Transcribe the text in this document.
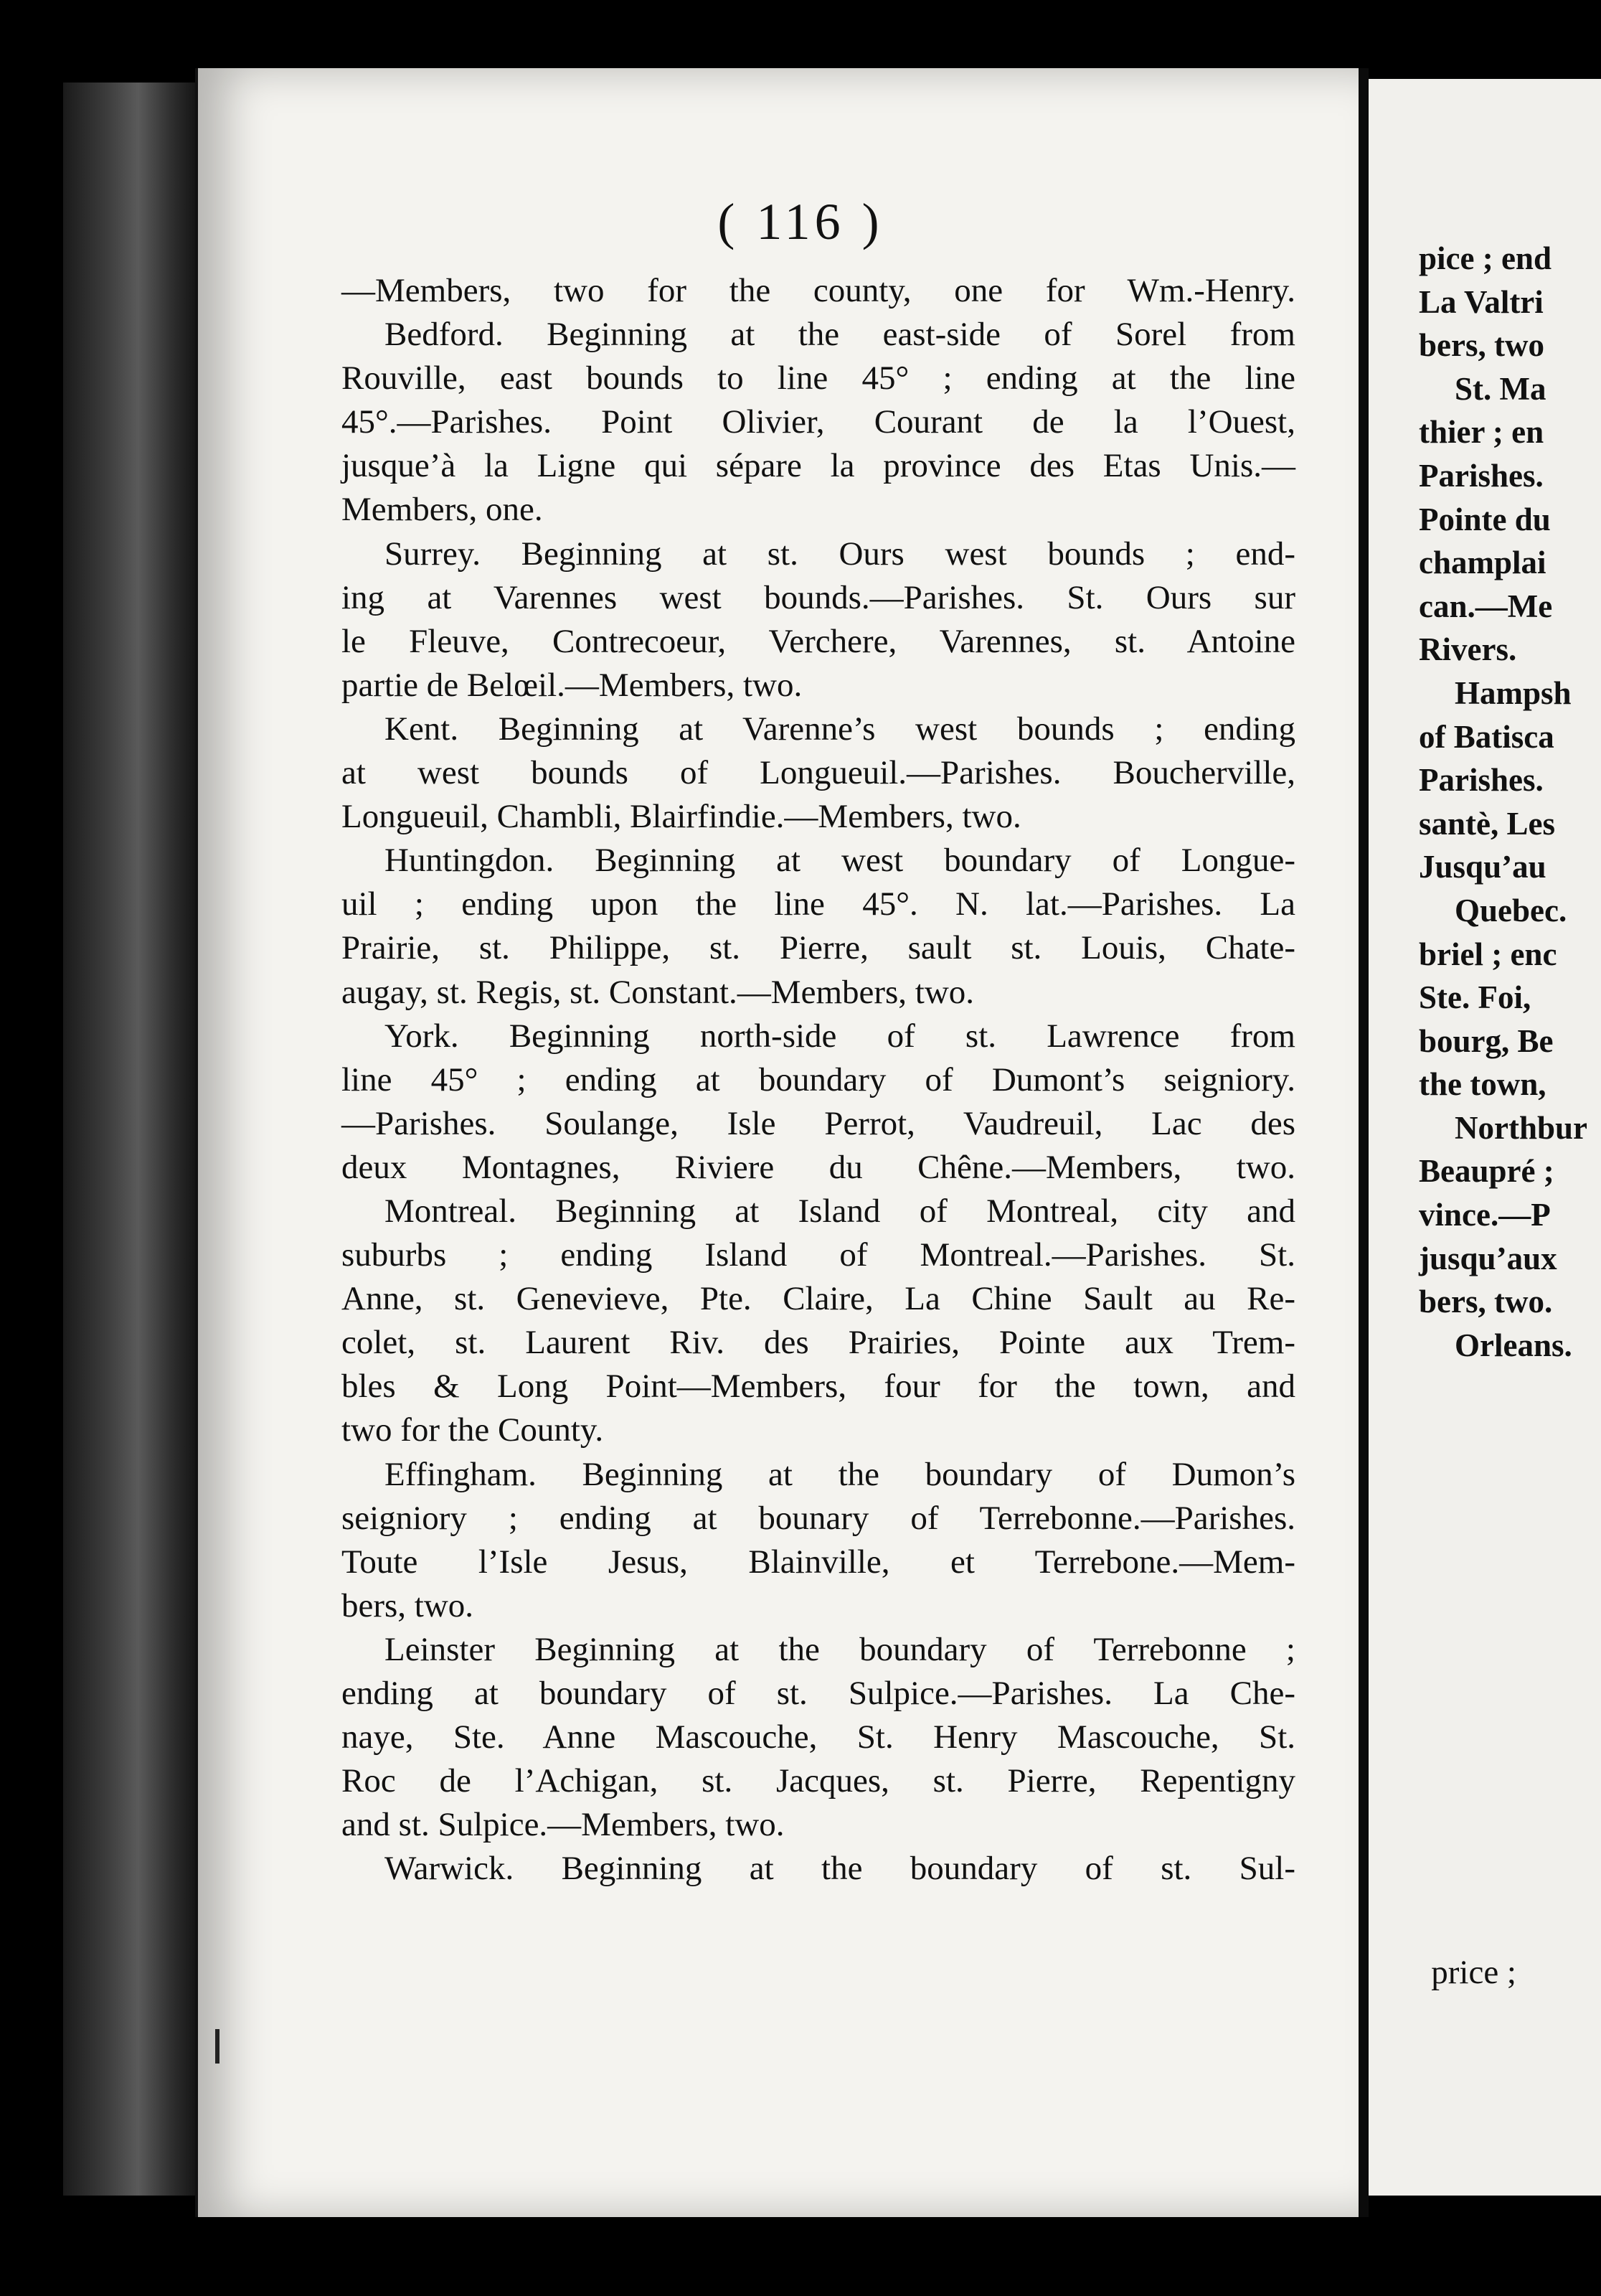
pice ; end
La Valtri
bers, two
St. Ma
thier ; en
Parishes.
Pointe du
champlai
can.—Me
Rivers.
Hampsh
of Batisca
Parishes.
santè, Les
Jusqu’au
Quebec.
briel ; enc
Ste. Foi,
bourg, Be
the town,
Northbur
Beaupré ;
vince.—P
jusqu’aux
bers, two.
Orleans.
( 116 )
—Members, two for the county, one for Wm.-Henry.
Bedford. Beginning at the east-side of Sorel from
Rouville, east bounds to line 45° ; ending at the line
45°.—Parishes. Point Olivier, Courant de la l’Ouest,
jusque’à la Ligne qui sépare la province des Etas Unis.—
Members, one.
Surrey. Beginning at st. Ours west bounds ; end-
ing at Varennes west bounds.—Parishes. St. Ours sur
le Fleuve, Contrecoeur, Verchere, Varennes, st. Antoine
partie de Belœil.—Members, two.
Kent. Beginning at Varenne’s west bounds ; ending
at west bounds of Longueuil.—Parishes. Boucherville,
Longueuil, Chambli, Blairfindie.—Members, two.
Huntingdon. Beginning at west boundary of Longue-
uil ; ending upon the line 45°. N. lat.—Parishes. La
Prairie, st. Philippe, st. Pierre, sault st. Louis, Chate-
augay, st. Regis, st. Constant.—Members, two.
York. Beginning north-side of st. Lawrence from
line 45° ; ending at boundary of Dumont’s seigniory.
—Parishes. Soulange, Isle Perrot, Vaudreuil, Lac des
deux Montagnes, Riviere du Chêne.—Members, two.
Montreal. Beginning at Island of Montreal, city and
suburbs ; ending Island of Montreal.—Parishes. St.
Anne, st. Genevieve, Pte. Claire, La Chine Sault au Re-
colet, st. Laurent Riv. des Prairies, Pointe aux Trem-
bles & Long Point—Members, four for the town, and
two for the County.
Effingham. Beginning at the boundary of Dumon’s
seigniory ; ending at bounary of Terrebonne.—Parishes.
Toute l’Isle Jesus, Blainville, et Terrebone.—Mem-
bers, two.
Leinster Beginning at the boundary of Terrebonne ;
ending at boundary of st. Sulpice.—Parishes. La Che-
naye, Ste. Anne Mascouche, St. Henry Mascouche, St.
Roc de l’Achigan, st. Jacques, st. Pierre, Repentigny
and st. Sulpice.—Members, two.
Warwick. Beginning at the boundary of st. Sul-
price ;
